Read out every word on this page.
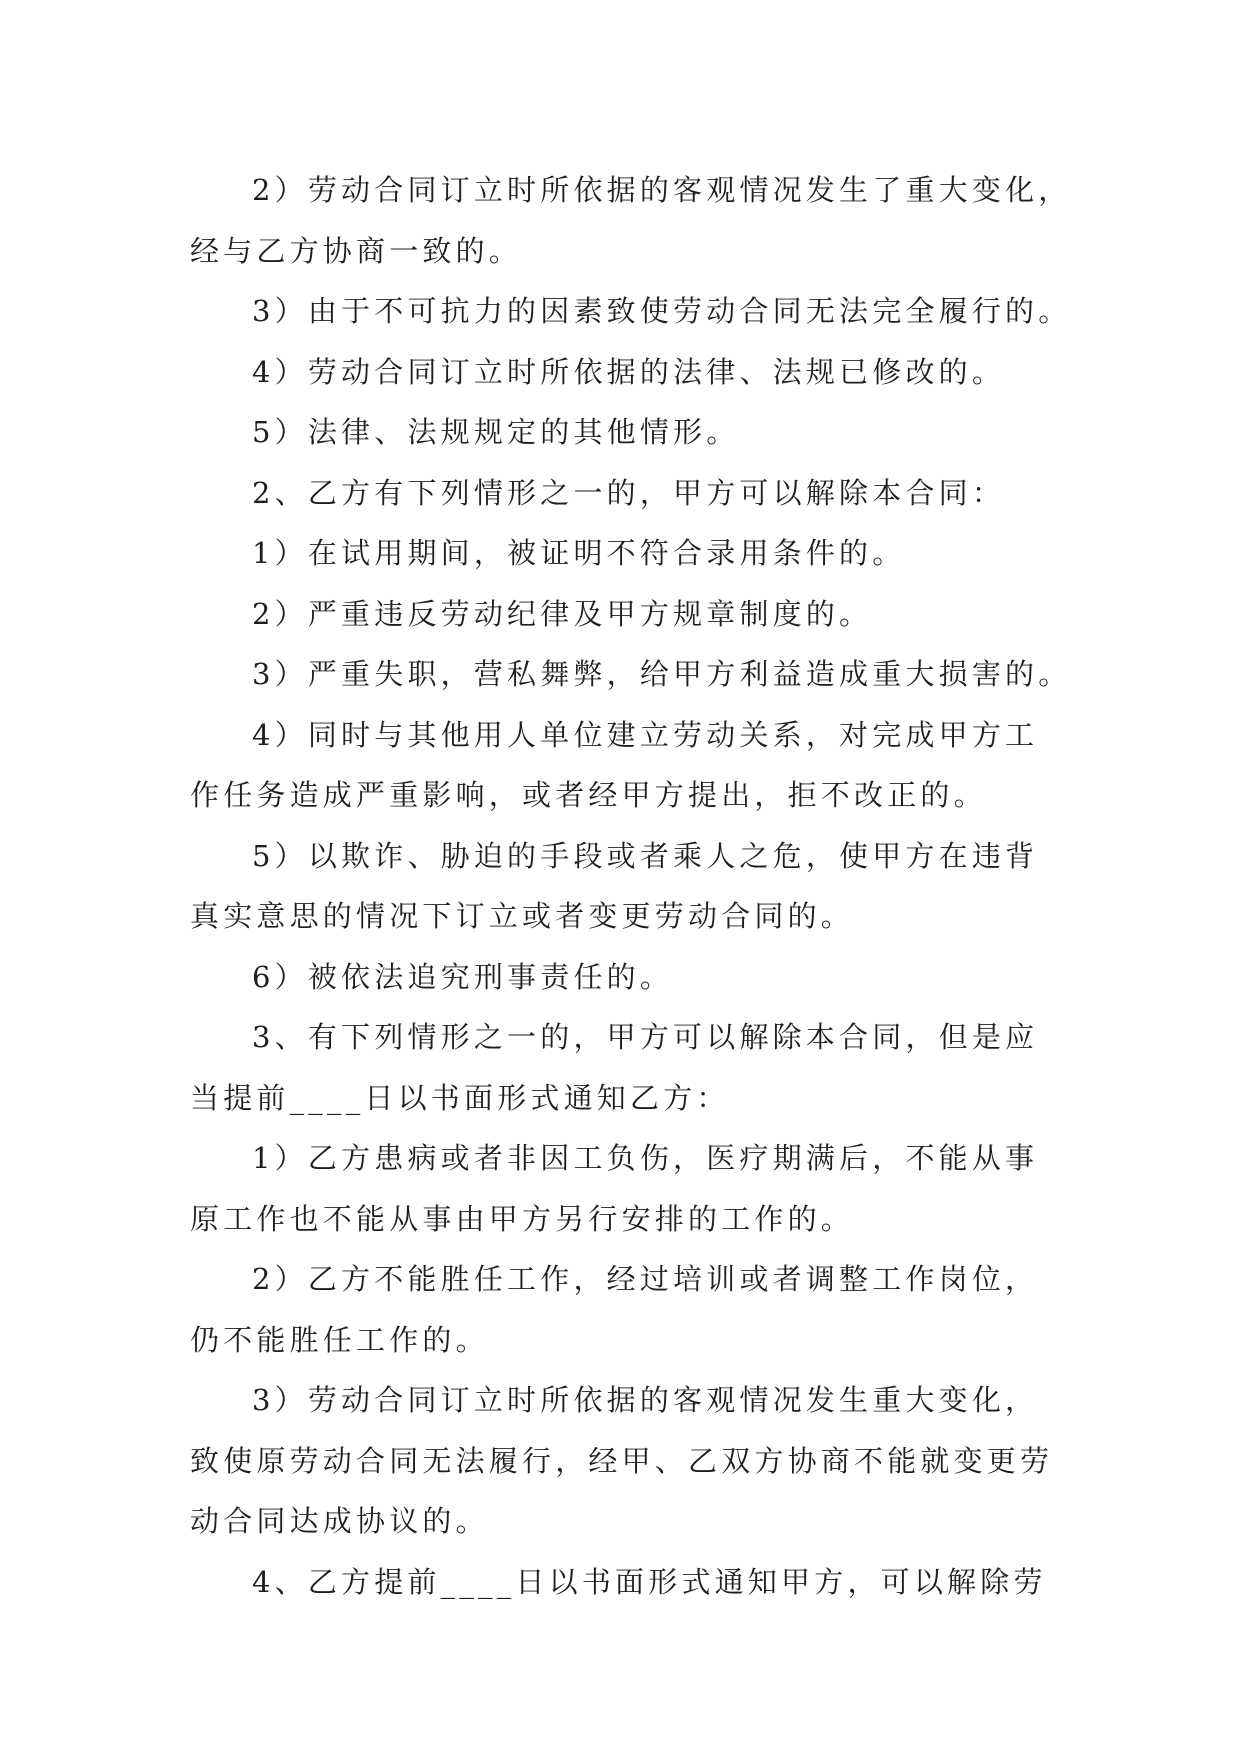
2）劳动合同订立时所依据的客观情况发生了重大变化，
经与乙方协商一致的。
3）由于不可抗力的因素致使劳动合同无法完全履行的。
4）劳动合同订立时所依据的法律、法规已修改的。
5）法律、法规规定的其他情形。
2、乙方有下列情形之一的，甲方可以解除本合同：
1）在试用期间，被证明不符合录用条件的。
2）严重违反劳动纪律及甲方规章制度的。
3）严重失职，营私舞弊，给甲方利益造成重大损害的。
4）同时与其他用人单位建立劳动关系，对完成甲方工
作任务造成严重影响，或者经甲方提出，拒不改正的。
5）以欺诈、胁迫的手段或者乘人之危，使甲方在违背
真实意思的情况下订立或者变更劳动合同的。
6）被依法追究刑事责任的。
3、有下列情形之一的，甲方可以解除本合同，但是应
当提前____日以书面形式通知乙方：
1）乙方患病或者非因工负伤，医疗期满后，不能从事
原工作也不能从事由甲方另行安排的工作的。
2）乙方不能胜任工作，经过培训或者调整工作岗位，
仍不能胜任工作的。
3）劳动合同订立时所依据的客观情况发生重大变化，
致使原劳动合同无法履行，经甲、乙双方协商不能就变更劳
动合同达成协议的。
4、乙方提前____日以书面形式通知甲方，可以解除劳
